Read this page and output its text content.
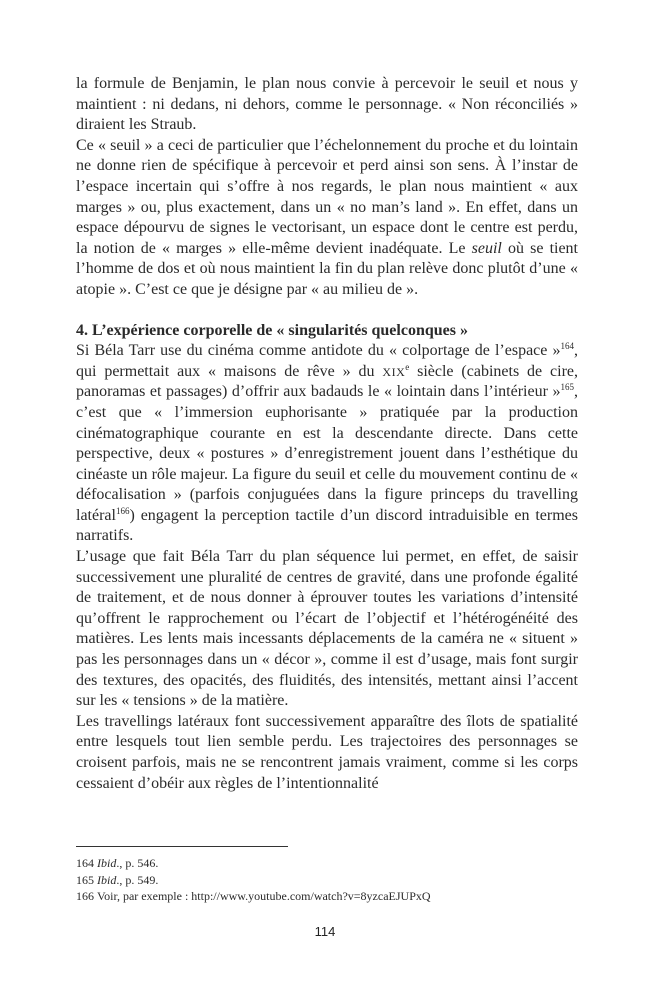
la formule de Benjamin, le plan nous convie à percevoir le seuil et nous y maintient : ni dedans, ni dehors, comme le personnage. « Non réconciliés » diraient les Straub.

Ce « seuil » a ceci de particulier que l’échelonnement du proche et du lointain ne donne rien de spécifique à percevoir et perd ainsi son sens. À l’instar de l’espace incertain qui s’offre à nos regards, le plan nous maintient « aux marges » ou, plus exactement, dans un « no man’s land ». En effet, dans un espace dépourvu de signes le vectorisant, un espace dont le centre est perdu, la notion de « marges » elle-même devient inadéquate. Le seuil où se tient l’homme de dos et où nous maintient la fin du plan relève donc plutôt d’une « atopie ». C’est ce que je désigne par « au milieu de ».

4. L’expérience corporelle de « singularités quelconques »

Si Béla Tarr use du cinéma comme antidote du « colportage de l’espace »$^{164}$, qui permettait aux « maisons de rêve » du XIXe siècle (cabinets de cire, panoramas et passages) d’offrir aux badauds le « lointain dans l’intérieur »$^{165}$, c’est que « l’immersion euphorisante » pratiquée par la production cinématographique courante en est la descendante directe. Dans cette perspective, deux « postures » d’enregistrement jouent dans l’esthétique du cinéaste un rôle majeur. La figure du seuil et celle du mouvement continu de « défocalisation » (parfois conjuguées dans la figure princeps du travelling latéral$^{166}$) engagent la perception tactile d’un discord intraduisible en termes narratifs.

L’usage que fait Béla Tarr du plan séquence lui permet, en effet, de saisir successivement une pluralité de centres de gravité, dans une profonde égalité de traitement, et de nous donner à éprouver toutes les variations d’intensité qu’offrent le rapprochement ou l’écart de l’objectif et l’hétérogénéité des matières. Les lents mais incessants déplacements de la caméra ne « situent » pas les personnages dans un « décor », comme il est d’usage, mais font surgir des textures, des opacités, des fluidités, des intensités, mettant ainsi l’accent sur les « tensions » de la matière.

Les travellings latéraux font successivement apparaître des îlots de spatialité entre lesquels tout lien semble perdu. Les trajectoires des personnages se croisent parfois, mais ne se rencontrent jamais vraiment, comme si les corps cessaient d’obéir aux règles de l’intentionnalité

164 Ibid., p. 546.
165 Ibid., p. 549.
166 Voir, par exemple : http://www.youtube.com/watch?v=8yzcaEJUPxQ
114
